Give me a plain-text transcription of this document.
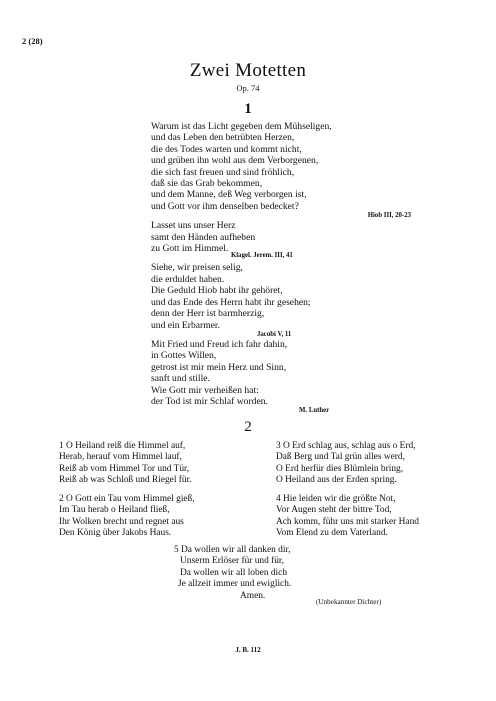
2 (28)
Zwei Motetten
Op. 74
1
Warum ist das Licht gegeben dem Mühseligen,
und das Leben den betrübten Herzen,
die des Todes warten und kommt nicht,
und grüben ihn wohl aus dem Verborgenen,
die sich fast freuen und sind fröhlich,
daß sie das Grab bekommen,
und dem Manne, deß Weg verborgen ist,
und Gott vor ihm denselben bedecket?
Hiob III, 20-23
Lasset uns unser Herz
samt den Händen aufheben
zu Gott im Himmel.
Klagel. Jerem. III, 41
Siehe, wir preisen selig,
die erduldet haben.
Die Geduld Hiob habt ihr gehöret,
und das Ende des Herrn habt ihr gesehen;
denn der Herr ist barmherzig,
und ein Erbarmer.
Jacobi V, 11
Mit Fried und Freud ich fahr dahin,
in Gottes Willen,
getrost ist mir mein Herz und Sinn,
sanft und stille.
Wie Gott mir verheißen hat:
der Tod ist mir Schlaf worden.
M. Luther
2
1 O Heiland reiß die Himmel auf,
Herab, herauf vom Himmel lauf,
Reiß ab vom Himmel Tor und Tür,
Reiß ab was Schloß und Riegel für.
2 O Gott ein Tau vom Himmel gieß,
Im Tau herab o Heiland fließ,
Ihr Wolken brecht und regnet aus
Den König über Jakobs Haus.
3 O Erd schlag aus, schlag aus o Erd,
Daß Berg und Tal grün alles werd,
O Erd herfür dies Blümlein bring,
O Heiland aus der Erden spring.
4 Hie leiden wir die größte Not,
Vor Augen steht der bittre Tod,
Ach komm, führ uns mit starker Hand
Vom Elend zu dem Vaterland.
5 Da wollen wir all danken dir,
Unserm Erlöser für und für,
Da wollen wir all loben dich
Je allzeit immer und ewiglich.
Amen.
(Unbekannter Dichter)
J. B. 112
